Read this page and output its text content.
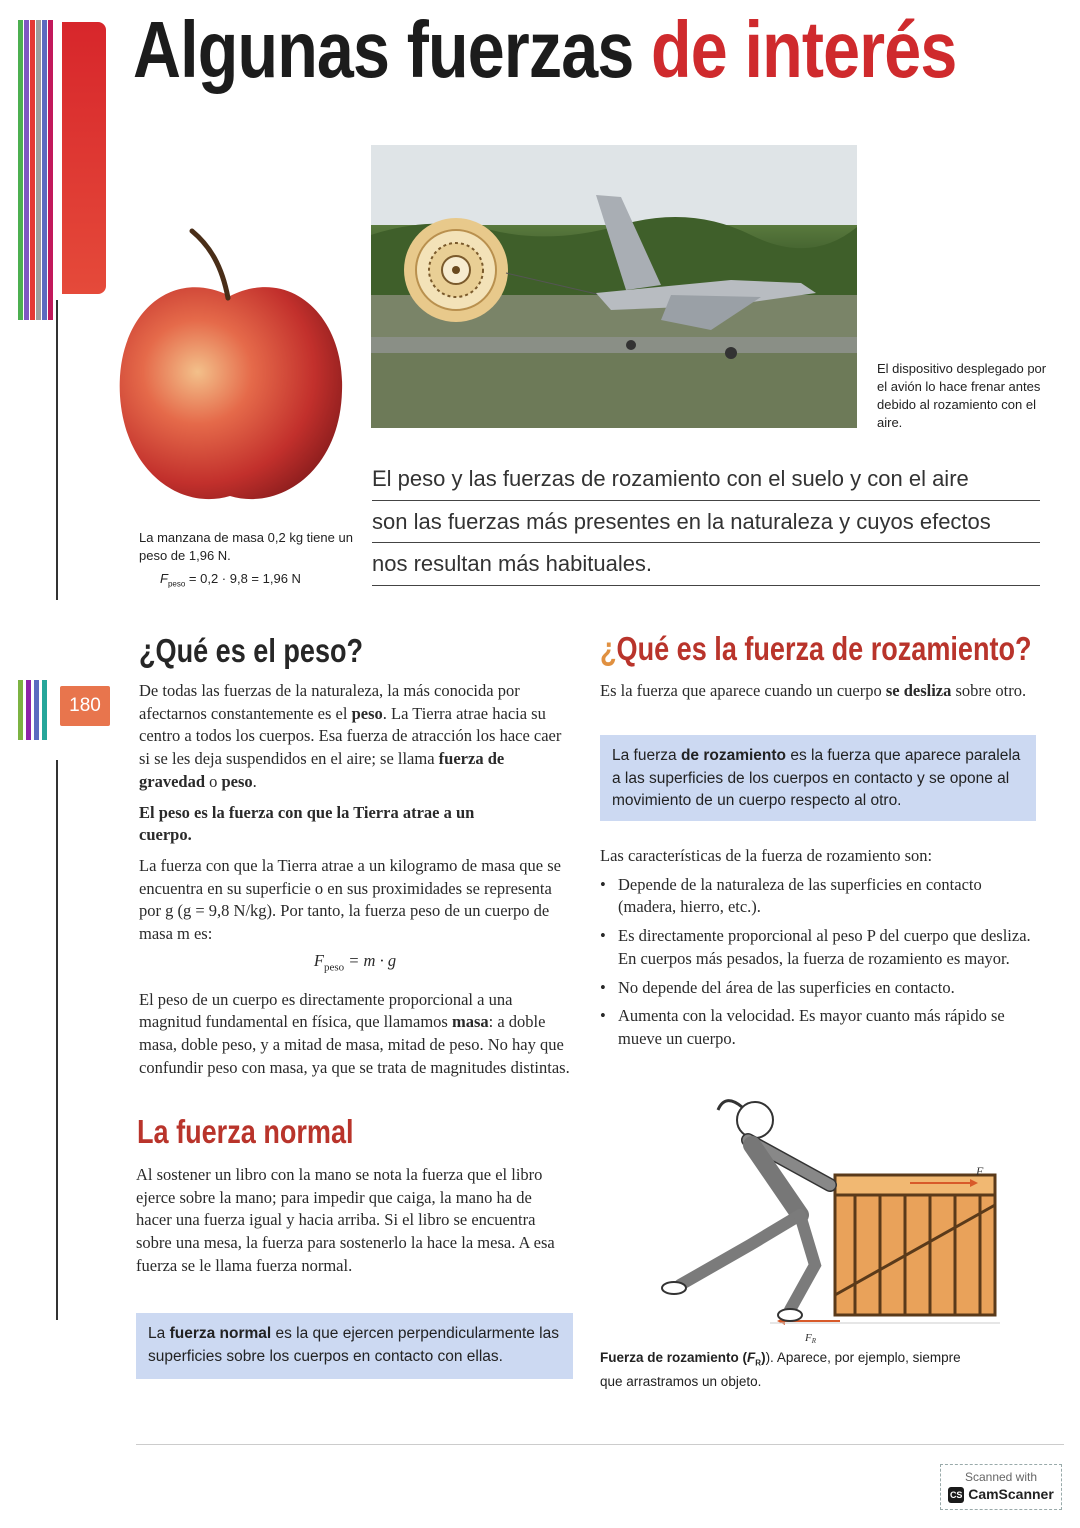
Algunas fuerzas de interés
El dispositivo desplegado por el avión lo hace frenar antes debido al rozamiento con el aire.
La manzana de masa 0,2 kg tiene un peso de 1,96 N.
$F_{peso} = 0,2 \cdot 9,8 = 1,96$ N
El peso y las fuerzas de rozamiento con el suelo y con el aire
son las fuerzas más presentes en la naturaleza y cuyos efectos
nos resultan más habituales.
180
¿Qué es el peso?

De todas las fuerzas de la naturaleza, la más conocida por afectarnos constantemente es el peso. La Tierra atrae hacia su centro a todos los cuerpos. Esa fuerza de atracción los hace caer si se les deja suspendidos en el aire; se llama fuerza de gravedad o peso.

El peso es la fuerza con que la Tierra atrae a un cuerpo.

La fuerza con que la Tierra atrae a un kilogramo de masa que se encuentra en su superficie o en sus proximidades se representa por g (g = 9,8 N/kg). Por tanto, la fuerza peso de un cuerpo de masa m es:

$F_{peso} = m \cdot g$

El peso de un cuerpo es directamente proporcional a una magnitud fundamental en física, que llamamos masa: a doble masa, doble peso, y a mitad de masa, mitad de peso. No hay que confundir peso con masa, ya que se trata de magnitudes distintas.

La fuerza normal

Al sostener un libro con la mano se nota la fuerza que el libro ejerce sobre la mano; para impedir que caiga, la mano ha de hacer una fuerza igual y hacia arriba. Si el libro se encuentra sobre una mesa, la fuerza para sostenerlo la hace la mesa. A esa fuerza se le llama fuerza normal.

La fuerza normal es la que ejercen perpendicularmente las superficies sobre los cuerpos en contacto con ellas.
¿Qué es la fuerza de rozamiento?

Es la fuerza que aparece cuando un cuerpo se desliza sobre otro.

La fuerza de rozamiento es la fuerza que aparece paralela a las superficies de los cuerpos en contacto y se opone al movimiento de un cuerpo respecto al otro.

Las características de la fuerza de rozamiento son:

• Depende de la naturaleza de las superficies en contacto (madera, hierro, etc.).
• Es directamente proporcional al peso P del cuerpo que desliza. En cuerpos más pesados, la fuerza de rozamiento es mayor.
• No depende del área de las superficies en contacto.
• Aumenta con la velocidad. Es mayor cuanto más rápido se mueve un cuerpo.
F
FR
Fuerza de rozamiento $(F_R)$). Aparece, por ejemplo, siempre que arrastramos un objeto.
Scanned with
CS CamScanner
